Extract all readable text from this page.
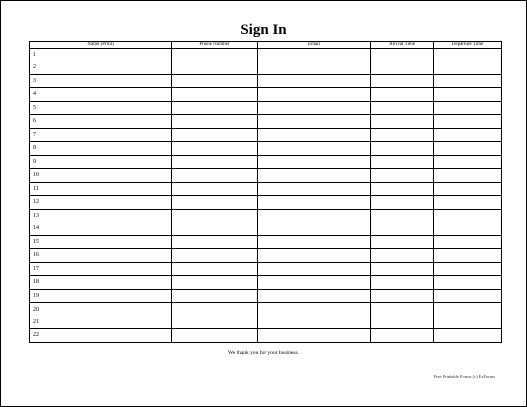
Sign In
Name (Print)	Phone Number	Email	Arrival Time	Departure Time

1
2				

3				

4				

5				

6				

7				

8				

9				

10				

11				

12				

13
14				

15				

16				

17				

18				

19				

20
21				

22				

We thank you for your business.
Free Printable Forms (c) EzForms
